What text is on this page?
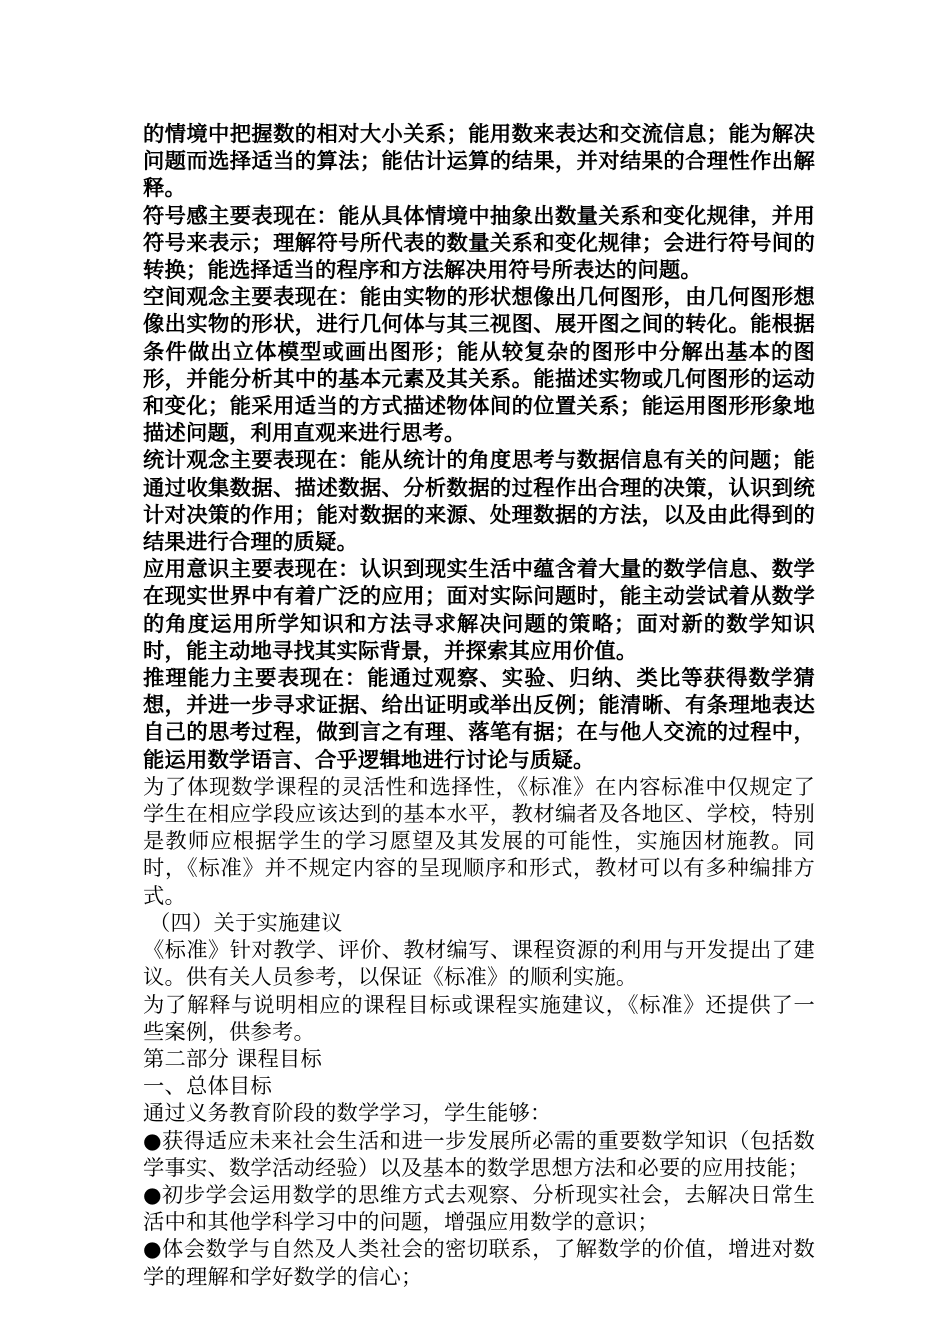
的情境中把握数的相对大小关系；能用数来表达和交流信息；能为解决问题而选择适当的算法；能估计运算的结果，并对结果的合理性作出解释。

符号感主要表现在：能从具体情境中抽象出数量关系和变化规律，并用符号来表示；理解符号所代表的数量关系和变化规律；会进行符号间的转换；能选择适当的程序和方法解决用符号所表达的问题。

空间观念主要表现在：能由实物的形状想像出几何图形，由几何图形想像出实物的形状，进行几何体与其三视图、展开图之间的转化。能根据条件做出立体模型或画出图形；能从较复杂的图形中分解出基本的图形，并能分析其中的基本元素及其关系。能描述实物或几何图形的运动和变化；能采用适当的方式描述物体间的位置关系；能运用图形形象地描述问题，利用直观来进行思考。

统计观念主要表现在：能从统计的角度思考与数据信息有关的问题；能通过收集数据、描述数据、分析数据的过程作出合理的决策，认识到统计对决策的作用；能对数据的来源、处理数据的方法，以及由此得到的结果进行合理的质疑。

应用意识主要表现在：认识到现实生活中蕴含着大量的数学信息、数学在现实世界中有着广泛的应用；面对实际问题时，能主动尝试着从数学的角度运用所学知识和方法寻求解决问题的策略；面对新的数学知识时，能主动地寻找其实际背景，并探索其应用价值。

推理能力主要表现在：能通过观察、实验、归纳、类比等获得数学猜想，并进一步寻求证据、给出证明或举出反例；能清晰、有条理地表达自己的思考过程，做到言之有理、落笔有据；在与他人交流的过程中，能运用数学语言、合乎逻辑地进行讨论与质疑。

为了体现数学课程的灵活性和选择性，《标准》在内容标准中仅规定了学生在相应学段应该达到的基本水平，教材编者及各地区、学校，特别是教师应根据学生的学习愿望及其发展的可能性，实施因材施教。同时，《标准》并不规定内容的呈现顺序和形式，教材可以有多种编排方式。

（四）关于实施建议

《标准》针对教学、评价、教材编写、课程资源的利用与开发提出了建议。供有关人员参考，以保证《标准》的顺利实施。

为了解释与说明相应的课程目标或课程实施建议，《标准》还提供了一些案例，供参考。

第二部分 课程目标

一、总体目标

通过义务教育阶段的数学学习，学生能够：

●获得适应未来社会生活和进一步发展所必需的重要数学知识（包括数学事实、数学活动经验）以及基本的数学思想方法和必要的应用技能；

●初步学会运用数学的思维方式去观察、分析现实社会，去解决日常生活中和其他学科学习中的问题，增强应用数学的意识；

●体会数学与自然及人类社会的密切联系，了解数学的价值，增进对数学的理解和学好数学的信心；
